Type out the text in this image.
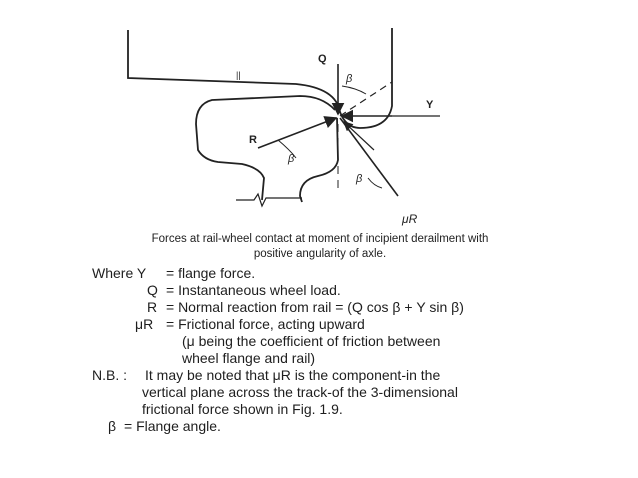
Q
β
Y
R
β
β
μR
||
Forces at rail-wheel contact at moment of incipient derailment with
positive angularity of axle.
Where Y = flange force.
Q = Instantaneous wheel load.
R = Normal reaction from rail = (Q cos β + Y sin β)
μR = Frictional force, acting upward
(μ being the coefficient of friction between
wheel flange and rail)
N.B. : It may be noted that μR is the component-in the
vertical plane across the track-of the 3-dimensional
frictional force shown in Fig. 1.9.
β = Flange angle.
